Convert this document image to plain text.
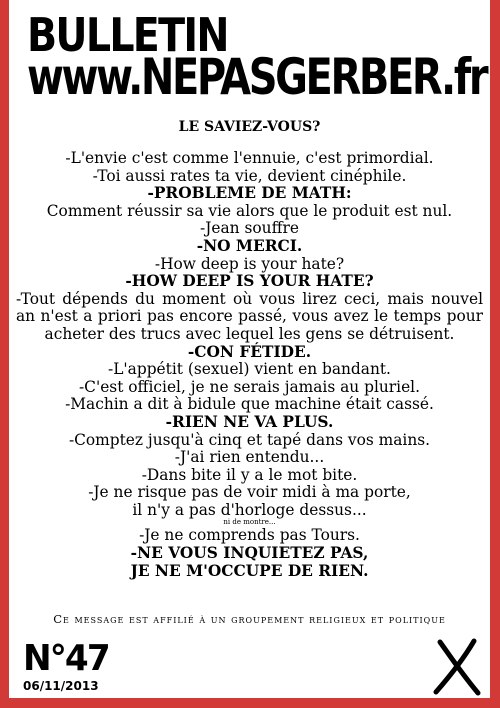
BULLETIN
www.NEPASGERBER.fr
LE SAVIEZ-VOUS?
-L'envie c'est comme l'ennuie, c'est primordial.
-Toi aussi rates ta vie, devient cinéphile.
-PROBLEME DE MATH:
Comment réussir sa vie alors que le produit est nul.
-Jean souffre
-NO MERCI.
-How deep is your hate?
-HOW DEEP IS YOUR HATE?

-Tout dépends du moment où vous lirez ceci, mais nouvel an n'est a priori pas encore passé, vous avez le temps pour acheter des trucs avec lequel les gens se détruisent.

-CON FÉTIDE.
-L'appétit (sexuel) vient en bandant.
-C'est officiel, je ne serais jamais au pluriel.
-Machin a dit à bidule que machine était cassé.
-RIEN NE VA PLUS.
-Comptez jusqu'à cinq et tapé dans vos mains.
-J'ai rien entendu...
-Dans bite il y a le mot bite.
-Je ne risque pas de voir midi à ma porte,
il n'y a pas d'horloge dessus...
ni de montre...
-Je ne comprends pas Tours.
-NE VOUS INQUIETEZ PAS,
JE NE M'OCCUPE DE RIEN.
Ce message est affilié à un groupement religieux et politique
N°47
06/11/2013
